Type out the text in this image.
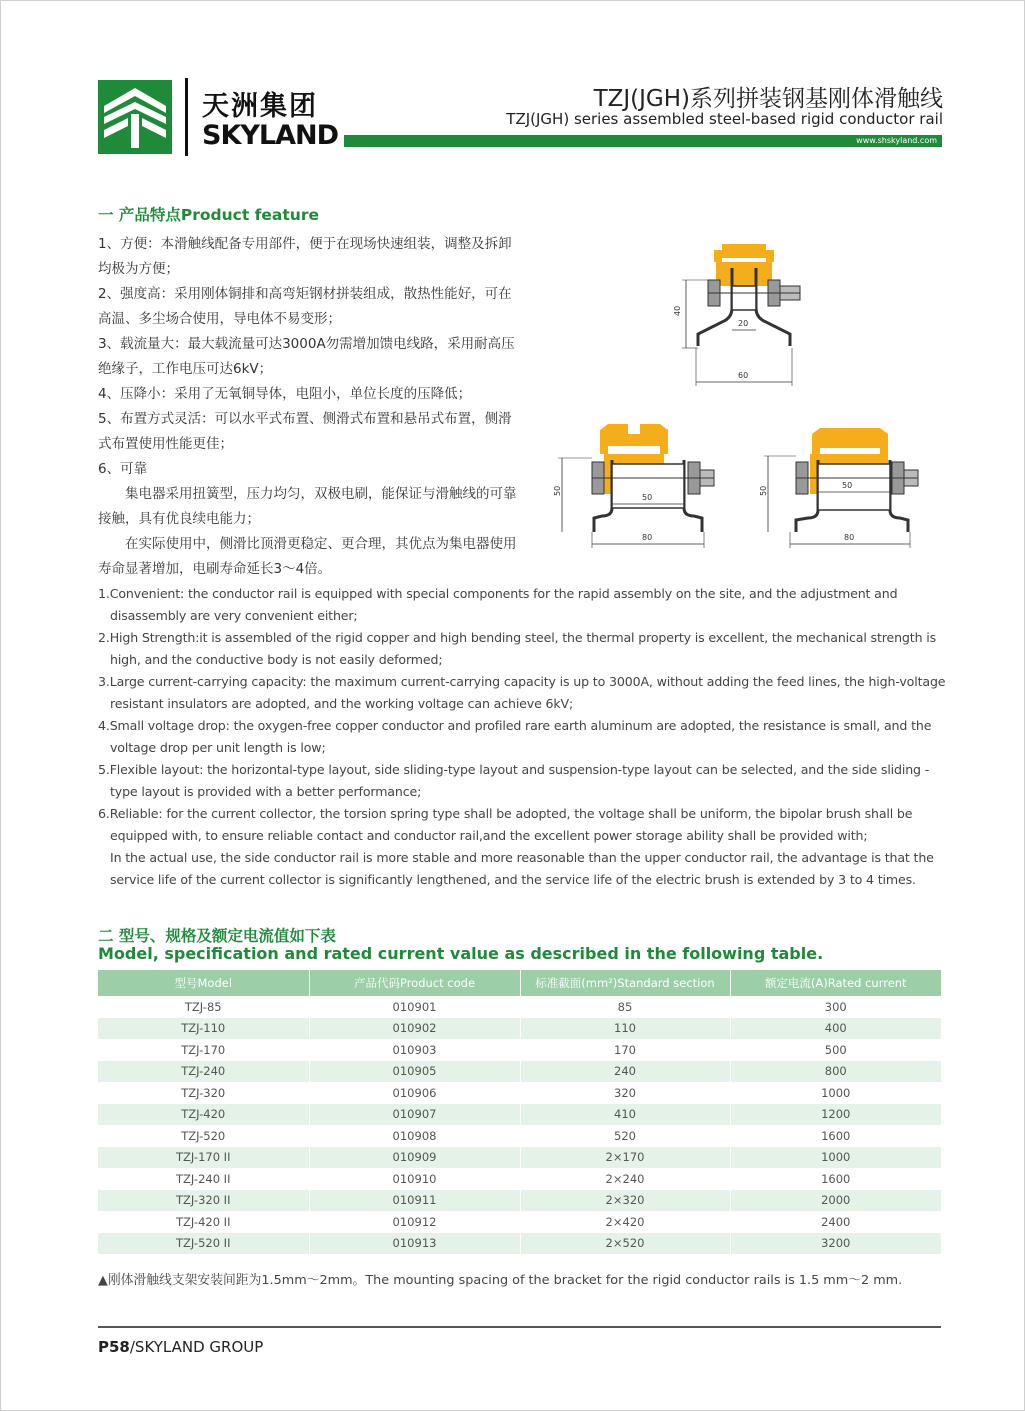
天洲集团
SKYLAND
TZJ(JGH)系列拼装钢基刚体滑触线
TZJ(JGH) series assembled steel-based rigid conductor rail
www.shskyland.com
一 产品特点Product feature

1、方便：本滑触线配备专用部件，便于在现场快速组装，调整及拆卸均极为方便；

2、强度高：采用刚体铜排和高弯矩钢材拼装组成，散热性能好，可在高温、多尘场合使用，导电体不易变形；

3、载流量大：最大载流量可达3000A勿需增加馈电线路，采用耐高压绝缘子，工作电压可达6kV；

4、压降小：采用了无氧铜导体，电阻小，单位长度的压降低；

5、布置方式灵活：可以水平式布置、侧滑式布置和悬吊式布置，侧滑式布置使用性能更佳；

6、可靠

集电器采用扭簧型，压力均匀，双极电刷，能保证与滑触线的可靠接触，具有优良续电能力；

在实际使用中，侧滑比顶滑更稳定、更合理，其优点为集电器使用寿命显著增加，电刷寿命延长3～4倍。

40
20
60
50
50
80
50
50
80

1.Convenient: the conductor rail is equipped with special components for the rapid assembly on the site, and the adjustment and disassembly are very convenient either;

2.High Strength:it is assembled of the rigid copper and high bending steel, the thermal property is excellent, the mechanical strength is high, and the conductive body is not easily deformed;

3.Large current-carrying capacity: the maximum current-carrying capacity is up to 3000A, without adding the feed lines, the high-voltage resistant insulators are adopted, and the working voltage can achieve 6kV;

4.Small voltage drop: the oxygen-free copper conductor and profiled rare earth aluminum are adopted, the resistance is small, and the voltage drop per unit length is low;

5.Flexible layout: the horizontal-type layout, side sliding-type layout and suspension-type layout can be selected, and the side sliding -type layout is provided with a better performance;

6.Reliable: for the current collector, the torsion spring type shall be adopted, the voltage shall be uniform, the bipolar brush shall be equipped with, to ensure reliable contact and conductor rail,and the excellent power storage ability shall be provided with;

In the actual use, the side conductor rail is more stable and more reasonable than the upper conductor rail, the advantage is that the service life of the current collector is significantly lengthened, and the service life of the electric brush is extended by 3 to 4 times.

二 型号、规格及额定电流值如下表
Model, specification and rated current value as described in the following table.
型号Model	产品代码Product code	标准截面(mm²)Standard section	额定电流(A)Rated current
TZJ-85	010901	85	300
TZJ-110	010902	110	400
TZJ-170	010903	170	500
TZJ-240	010905	240	800
TZJ-320	010906	320	1000
TZJ-420	010907	410	1200
TZJ-520	010908	520	1600
TZJ-170 II	010909	2×170	1000
TZJ-240 II	010910	2×240	1600
TZJ-320 II	010911	2×320	2000
TZJ-420 II	010912	2×420	2400
TZJ-520 II	010913	2×520	3200
▲刚体滑触线支架安装间距为1.5mm～2mm。The mounting spacing of the bracket for the rigid conductor rails is 1.5 mm～2 mm.
P58/SKYLAND GROUP
